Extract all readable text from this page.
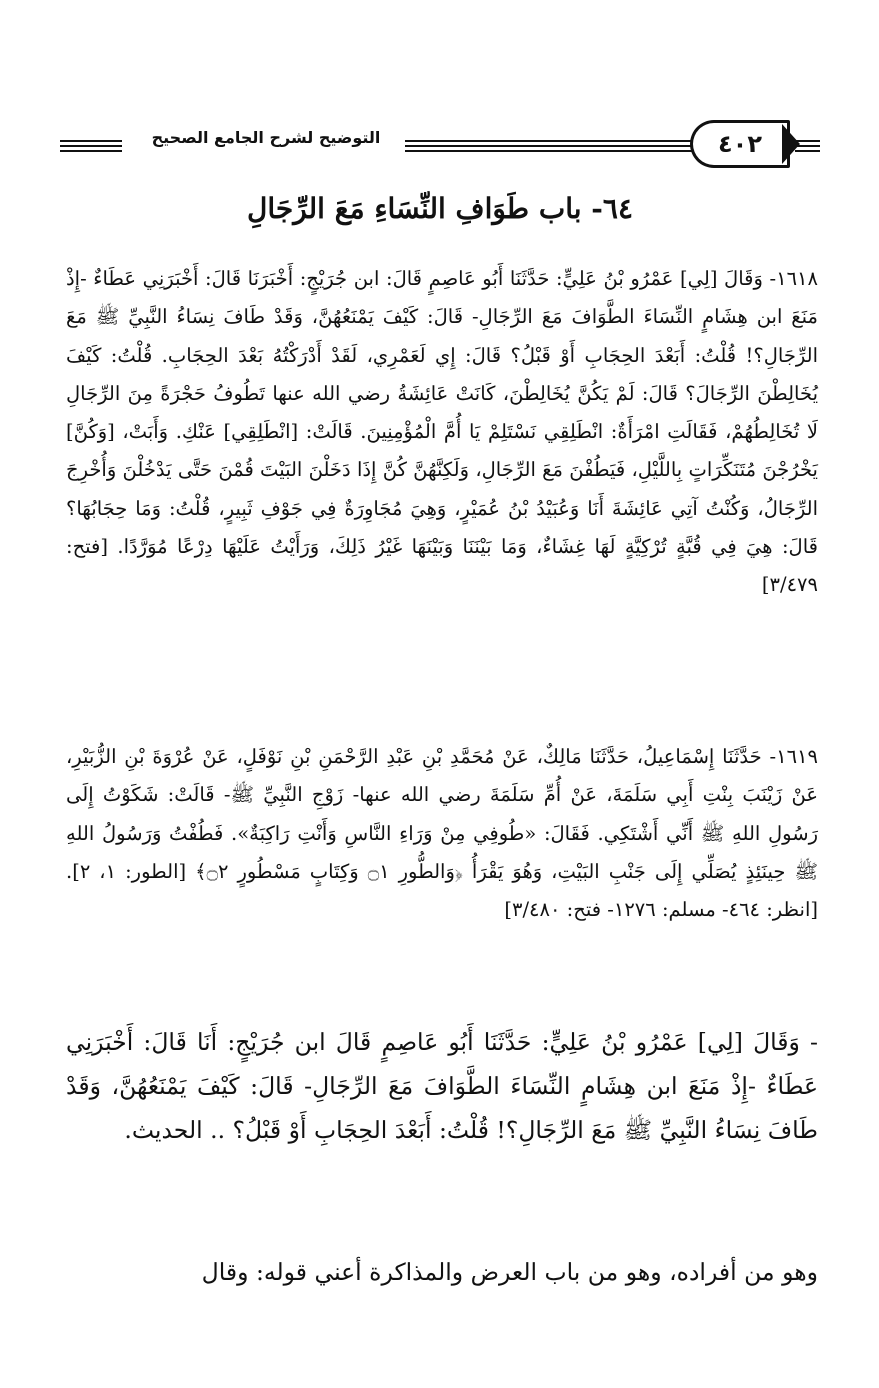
التوضيح لشرح الجامع الصحيح	٤٠٢
٦٤- باب طَوَافِ النِّسَاءِ مَعَ الرِّجَالِ
١٦١٨- وَقَالَ [لِي] عَمْرُو بْنُ عَلِيٍّ: حَدَّثَنَا أَبُو عَاصِمٍ قَالَ: ابن جُرَيْجٍ: أَخْبَرَنَا قَالَ: أَخْبَرَنِي عَطَاءٌ -إِذْ مَنَعَ ابن هِشَامٍ النِّسَاءَ الطَّوَافَ مَعَ الرِّجَالِ- قَالَ: كَيْفَ يَمْنَعُهُنَّ، وَقَدْ طَافَ نِسَاءُ النَّبِيِّ ﷺ مَعَ الرِّجَالِ؟! قُلْتُ: أَبَعْدَ الحِجَابِ أَوْ قَبْلُ؟ قَالَ: إِي لَعَمْرِي، لَقَدْ أَدْرَكْتُهُ بَعْدَ الحِجَابِ. قُلْتُ: كَيْفَ يُخَالِطْنَ الرِّجَالَ؟ قَالَ: لَمْ يَكُنَّ يُخَالِطْنَ، كَانَتْ عَائِشَةُ رضي الله عنها تَطُوفُ حَجْرَةً مِنَ الرِّجَالِ لَا تُخَالِطُهُمْ، فَقَالَتِ امْرَأَةٌ: انْطَلِقِي نَسْتَلِمْ يَا أُمَّ الْمُؤْمِنِينَ. قَالَتْ: [انْطَلِقِي] عَنْكِ. وَأَبَتْ، [وَكُنَّ] يَخْرُجْنَ مُتَنَكِّرَاتٍ بِاللَّيْلِ، فَيَطُفْنَ مَعَ الرِّجَالِ، وَلَكِنَّهُنَّ كُنَّ إِذَا دَخَلْنَ البَيْتَ قُمْنَ حَتَّى يَدْخُلْنَ وَأُخْرِجَ الرِّجَالُ، وَكُنْتُ آتِي عَائِشَةَ أَنَا وَعُبَيْدُ بْنُ عُمَيْرٍ، وَهِيَ مُجَاوِرَةٌ فِي جَوْفِ ثَبِيرٍ، قُلْتُ: وَمَا حِجَابُهَا؟ قَالَ: هِيَ فِي قُبَّةٍ تُرْكِيَّةٍ لَهَا غِشَاءٌ، وَمَا بَيْنَنَا وَبَيْنَهَا غَيْرُ ذَلِكَ، وَرَأَيْتُ عَلَيْهَا دِرْعًا مُوَرَّدًا. [فتح: ٣/٤٧٩]
١٦١٩- حَدَّثَنَا إِسْمَاعِيلُ، حَدَّثَنَا مَالِكٌ، عَنْ مُحَمَّدِ بْنِ عَبْدِ الرَّحْمَنِ بْنِ نَوْفَلٍ، عَنْ عُرْوَةَ بْنِ الزُّبَيْرِ، عَنْ زَيْنَبَ بِنْتِ أَبِي سَلَمَةَ، عَنْ أُمِّ سَلَمَةَ رضي الله عنها- زَوْجِ النَّبِيِّ ﷺ- قَالَتْ: شَكَوْتُ إِلَى رَسُولِ اللهِ ﷺ أَنِّي أَشْتَكِي. فَقَالَ: «طُوفِي مِنْ وَرَاءِ النَّاسِ وَأَنْتِ رَاكِبَةٌ». فَطُفْتُ وَرَسُولُ اللهِ ﷺ حِينَئِذٍ يُصَلِّي إِلَى جَنْبِ البَيْتِ، وَهُوَ يَقْرَأُ ﴿وَالطُّورِ ۝١ وَكِتَابٍ مَسْطُورٍ ۝٢﴾ [الطور: ١، ٢]. [انظر: ٤٦٤- مسلم: ١٢٧٦- فتح: ٣/٤٨٠]
- وَقَالَ [لِي] عَمْرُو بْنُ عَلِيٍّ: حَدَّثَنَا أَبُو عَاصِمٍ قَالَ ابن جُرَيْجٍ: أَنَا قَالَ: أَخْبَرَنِي عَطَاءٌ -إِذْ مَنَعَ ابن هِشَامٍ النِّسَاءَ الطَّوَافَ مَعَ الرِّجَالِ- قَالَ: كَيْفَ يَمْنَعُهُنَّ، وَقَدْ طَافَ نِسَاءُ النَّبِيِّ ﷺ مَعَ الرِّجَالِ؟! قُلْتُ: أَبَعْدَ الحِجَابِ أَوْ قَبْلُ؟ .. الحديث.
وهو من أفراده، وهو من باب العرض والمذاكرة أعني قوله: وقال
